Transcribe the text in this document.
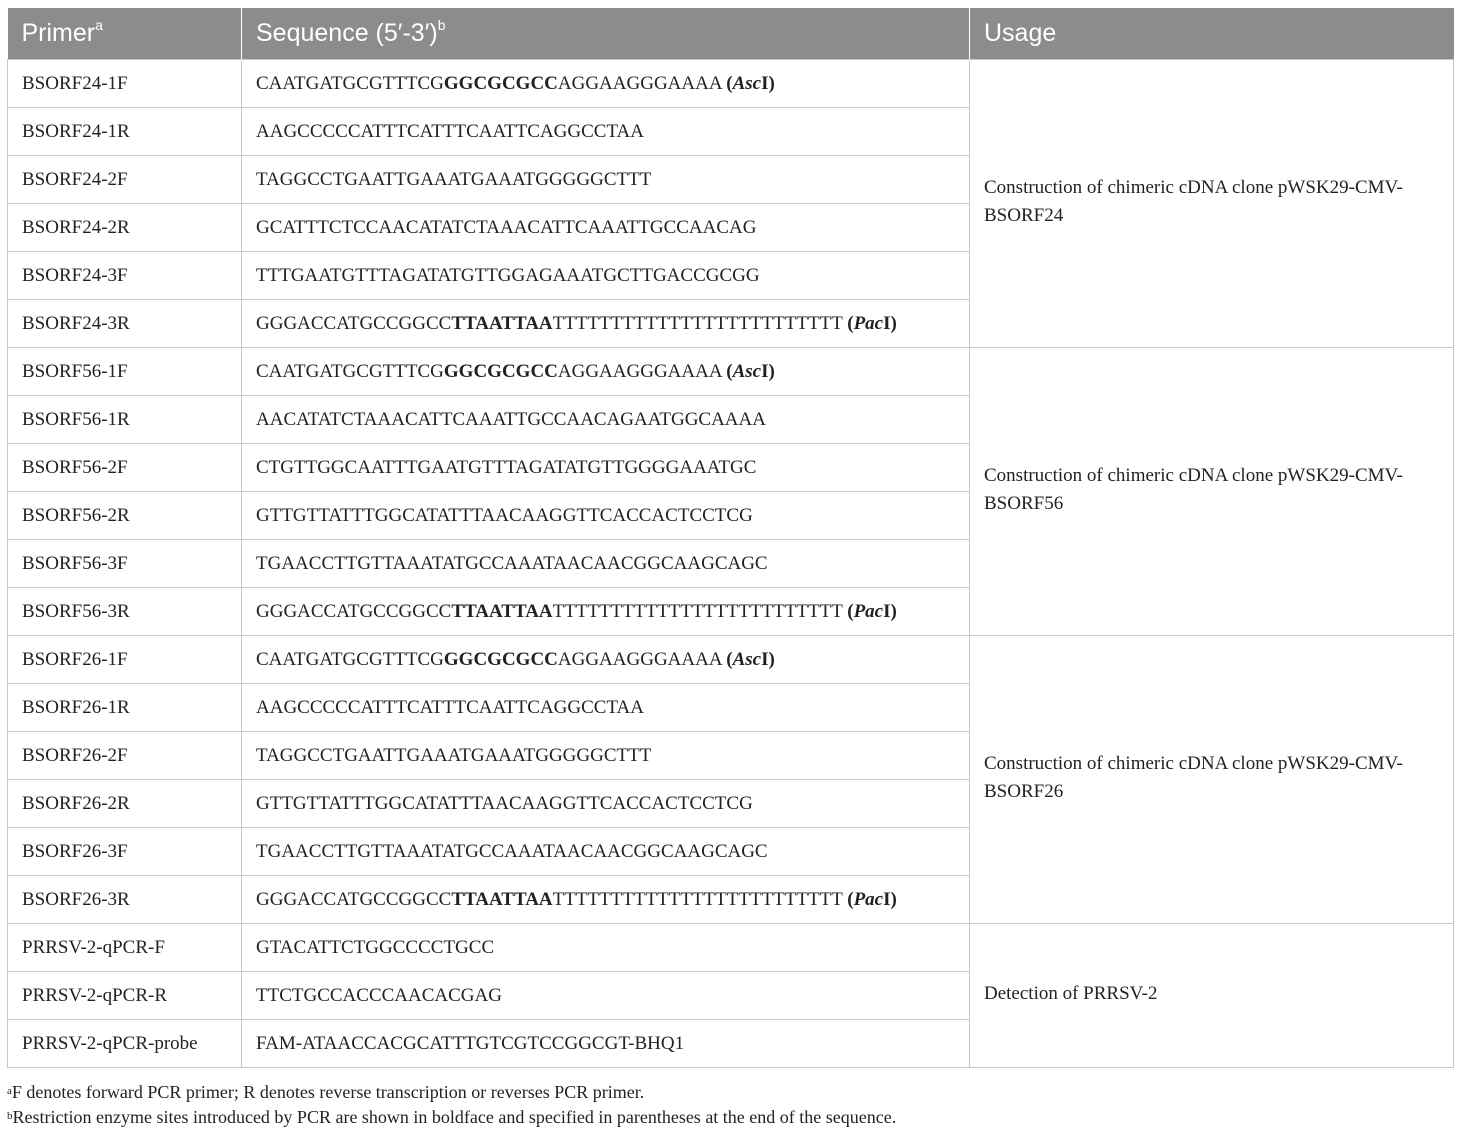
Primer$^a$	Sequence $(5'-3')^b$	Usage
BSORF24-1F	CAATGATGCGTTTCGGGCGCGCCAGGAAGGGAAAA (AscI)	Construction of chimeric cDNA clone pWSK29-CMV-BSORF24

BSORF24-1R	AAGCCCCCATTTCATTTCAATTCAGGCCTAA	
BSORF24-2F	TAGGCCTGAATTGAAATGAAATGGGGGCTTT	
BSORF24-2R	GCATTTCTCCAACATATCTAAACATTCAAATTGCCAACAG	
BSORF24-3F	TTTGAATGTTTAGATATGTTGGAGAAATGCTTGACCGCGG	
BSORF24-3R	GGGACCATGCCGGCCTTAATTAATTTTTTTTTTTTTTTTTTTTTTTTT (PacI)	
BSORF56-1F	CAATGATGCGTTTCGGGCGCGCCAGGAAGGGAAAA (AscI)	Construction of chimeric cDNA clone pWSK29-CMV-BSORF56

BSORF56-1R	AACATATCTAAACATTCAAATTGCCAACAGAATGGCAAAA	
BSORF56-2F	CTGTTGGCAATTTGAATGTTTAGATATGTTGGGGAAATGC	
BSORF56-2R	GTTGTTATTTGGCATATTTAACAAGGTTCACCACTCCTCG	
BSORF56-3F	TGAACCTTGTTAAATATGCCAAATAACAACGGCAAGCAGC	
BSORF56-3R	GGGACCATGCCGGCCTTAATTAATTTTTTTTTTTTTTTTTTTTTTTTT (PacI)	
BSORF26-1F	CAATGATGCGTTTCGGGCGCGCCAGGAAGGGAAAA (AscI)	Construction of chimeric cDNA clone pWSK29-CMV-BSORF26

BSORF26-1R	AAGCCCCCATTTCATTTCAATTCAGGCCTAA	
BSORF26-2F	TAGGCCTGAATTGAAATGAAATGGGGGCTTT	
BSORF26-2R	GTTGTTATTTGGCATATTTAACAAGGTTCACCACTCCTCG	
BSORF26-3F	TGAACCTTGTTAAATATGCCAAATAACAACGGCAAGCAGC	
BSORF26-3R	GGGACCATGCCGGCCTTAATTAATTTTTTTTTTTTTTTTTTTTTTTTT (PacI)	
PRRSV-2-qPCR-F	GTACATTCTGGCCCCTGCC	Detection of PRRSV-2

PRRSV-2-qPCR-R	TTCTGCCACCCAACACGAG	
PRRSV-2-qPCR-probe	FAM-ATAACCACGCATTTGTCGTCCGGCGT-BHQ1	
$^a$F denotes forward PCR primer; R denotes reverse transcription or reverses PCR primer.
$^b$Restriction enzyme sites introduced by PCR are shown in boldface and specified in parentheses at the end of the sequence.
